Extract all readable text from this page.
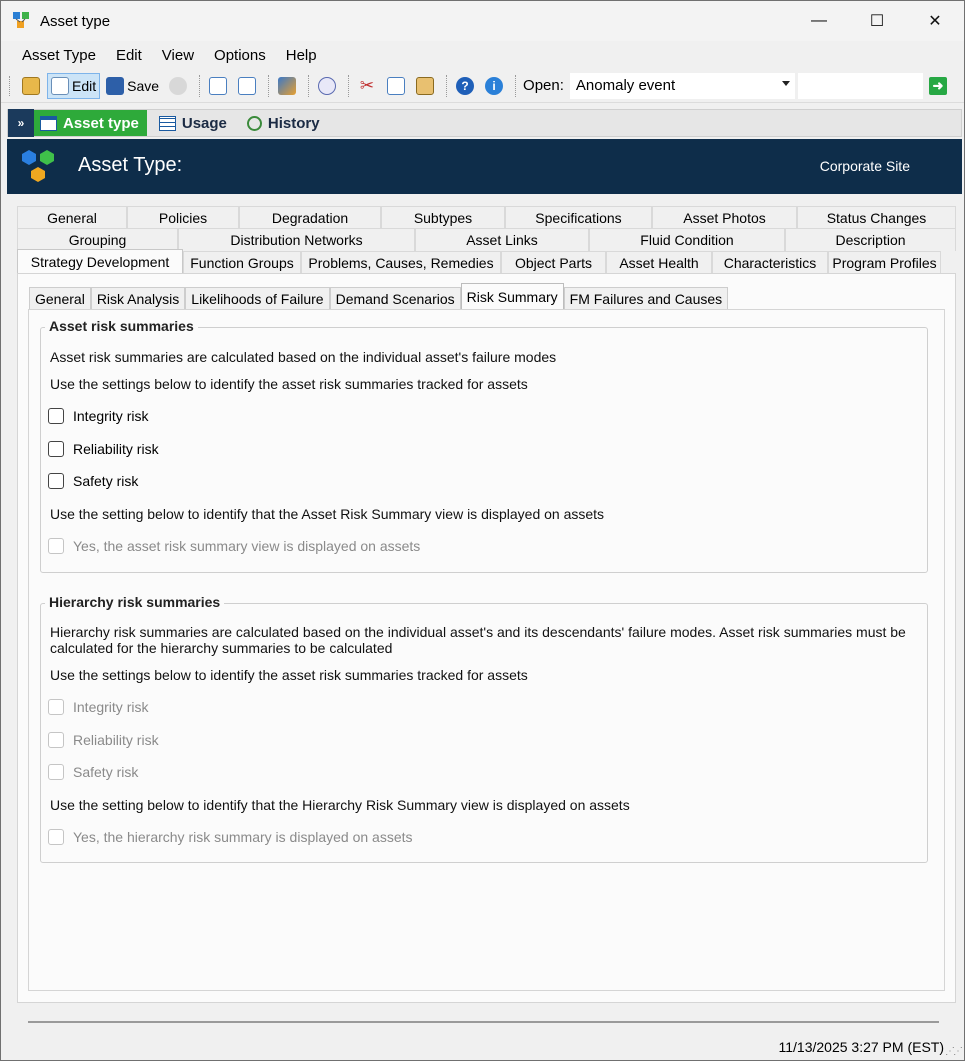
Asset type	—	☐	✕
Asset Type	Edit	View	Options	Help
Edit Save	✂	?	i	Open: Anomaly event	➜
»	Asset type	Usage	History
Asset Type:	Corporate Site
General	Policies	Degradation	Subtypes	Specifications	Asset Photos	Status Changes
Grouping	Distribution Networks	Asset Links	Fluid Condition	Description
Strategy Development	Function Groups	Problems, Causes, Remedies	Object Parts	Asset Health	Characteristics	Program Profiles
General Risk Analysis Likelihoods of Failure Demand Scenarios Risk Summary FM Failures and Causes
Asset risk summaries
Asset risk summaries are calculated based on the individual asset's failure modes
Use the settings below to identify the asset risk summaries tracked for assets
Integrity risk
Reliability risk
Safety risk
Use the setting below to identify that the Asset Risk Summary view is displayed on assets
Yes, the asset risk summary view is displayed on assets
Hierarchy risk summaries
Hierarchy risk summaries are calculated based on the individual asset's and its descendants' failure modes. Asset risk summaries must be
calculated for the hierarchy summaries to be calculated
Use the settings below to identify the asset risk summaries tracked for assets
Integrity risk
Reliability risk
Safety risk
Use the setting below to identify that the Hierarchy Risk Summary view is displayed on assets
Yes, the hierarchy risk summary is displayed on assets
11/13/2025 3:27 PM (EST) ⋰⋰
